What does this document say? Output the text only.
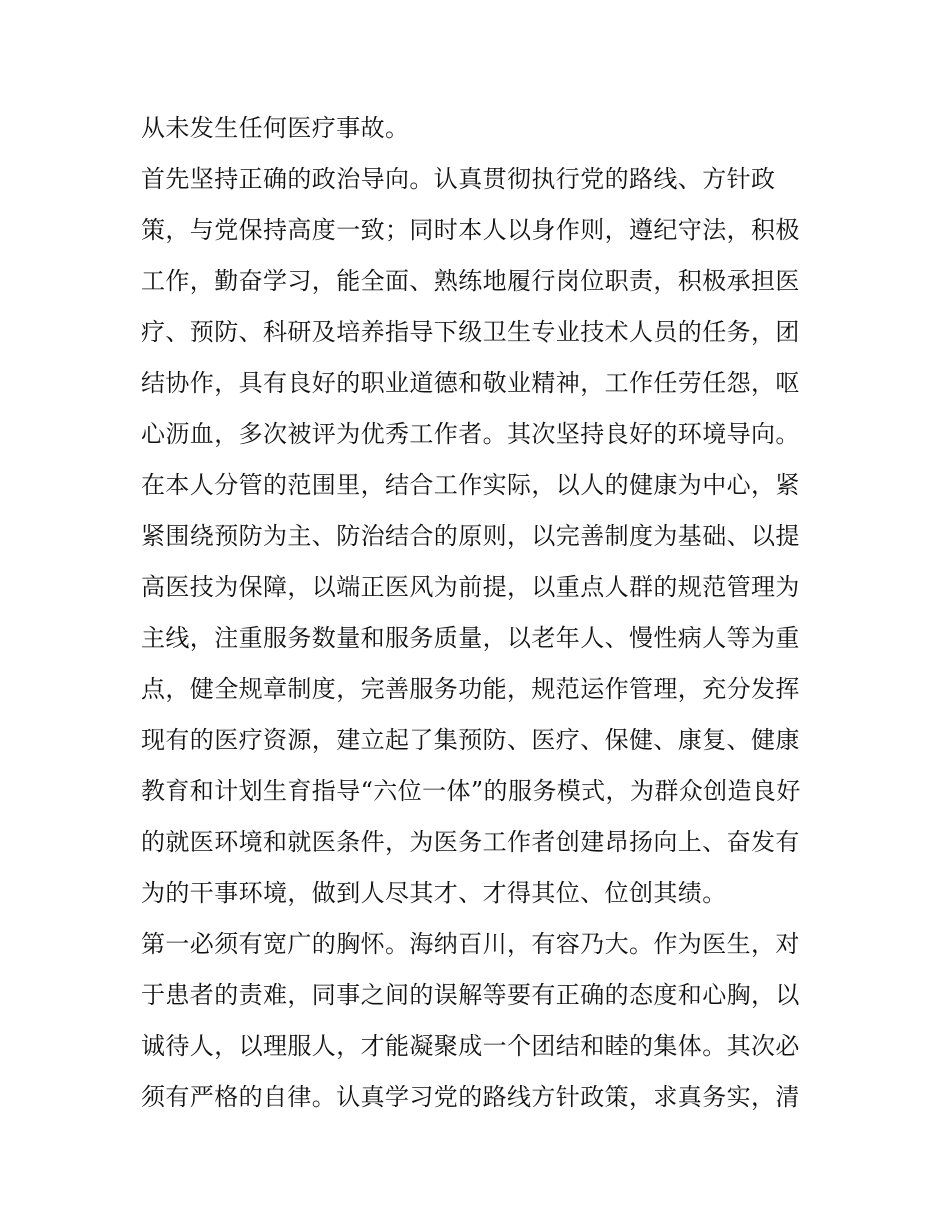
从未发生任何医疗事故。
首先坚持正确的政治导向。认真贯彻执行党的路线、方针政
策，与党保持高度一致；同时本人以身作则，遵纪守法，积极
工作，勤奋学习，能全面、熟练地履行岗位职责，积极承担医
疗、预防、科研及培养指导下级卫生专业技术人员的任务，团
结协作，具有良好的职业道德和敬业精神，工作任劳任怨，呕
心沥血，多次被评为优秀工作者。其次坚持良好的环境导向。
在本人分管的范围里，结合工作实际，以人的健康为中心，紧
紧围绕预防为主、防治结合的原则，以完善制度为基础、以提
高医技为保障，以端正医风为前提，以重点人群的规范管理为
主线，注重服务数量和服务质量，以老年人、慢性病人等为重
点，健全规章制度，完善服务功能，规范运作管理，充分发挥
现有的医疗资源，建立起了集预防、医疗、保健、康复、健康
教育和计划生育指导“六位一体”的服务模式，为群众创造良好
的就医环境和就医条件，为医务工作者创建昂扬向上、奋发有
为的干事环境，做到人尽其才、才得其位、位创其绩。
第一必须有宽广的胸怀。海纳百川，有容乃大。作为医生，对
于患者的责难，同事之间的误解等要有正确的态度和心胸，以
诚待人，以理服人，才能凝聚成一个团结和睦的集体。其次必
须有严格的自律。认真学习党的路线方针政策，求真务实，清
